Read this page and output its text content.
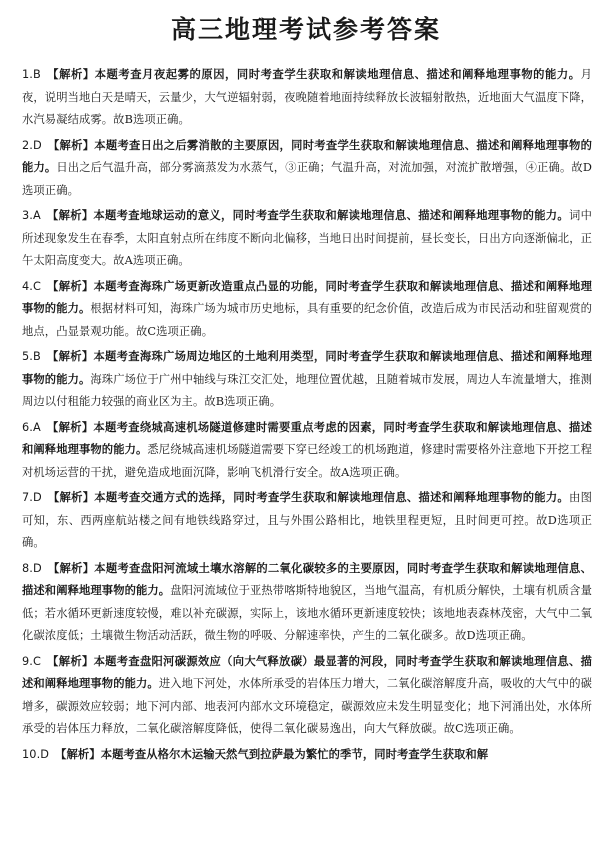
高三地理考试参考答案
1.B 【解析】本题考查月夜起雾的原因，同时考查学生获取和解读地理信息、描述和阐释地理事物的能力。月夜，说明当地白天是晴天，云量少，大气逆辐射弱，夜晚随着地面持续释放长波辐射散热，近地面大气温度下降，水汽易凝结成雾。故B选项正确。
2.D 【解析】本题考查日出之后雾消散的主要原因，同时考查学生获取和解读地理信息、描述和阐释地理事物的能力。日出之后气温升高，部分雾滴蒸发为水蒸气，③正确；气温升高，对流加强，对流扩散增强，④正确。故D选项正确。
3.A 【解析】本题考查地球运动的意义，同时考查学生获取和解读地理信息、描述和阐释地理事物的能力。词中所述现象发生在春季，太阳直射点所在纬度不断向北偏移，当地日出时间提前，昼长变长，日出方向逐渐偏北，正午太阳高度变大。故A选项正确。
4.C 【解析】本题考查海珠广场更新改造重点凸显的功能，同时考查学生获取和解读地理信息、描述和阐释地理事物的能力。根据材料可知，海珠广场为城市历史地标，具有重要的纪念价值，改造后成为市民活动和驻留观赏的地点，凸显景观功能。故C选项正确。
5.B 【解析】本题考查海珠广场周边地区的土地利用类型，同时考查学生获取和解读地理信息、描述和阐释地理事物的能力。海珠广场位于广州中轴线与珠江交汇处，地理位置优越，且随着城市发展，周边人车流量增大，推测周边以付租能力较强的商业区为主。故B选项正确。
6.A 【解析】本题考查绕城高速机场隧道修建时需要重点考虑的因素，同时考查学生获取和解读地理信息、描述和阐释地理事物的能力。悉尼绕城高速机场隧道需要下穿已经竣工的机场跑道，修建时需要格外注意地下开挖工程对机场运营的干扰，避免造成地面沉降，影响飞机滑行安全。故A选项正确。
7.D 【解析】本题考查交通方式的选择，同时考查学生获取和解读地理信息、描述和阐释地理事物的能力。由图可知，东、西两座航站楼之间有地铁线路穿过，且与外围公路相比，地铁里程更短，且时间更可控。故D选项正确。
8.D 【解析】本题考查盘阳河流域土壤水溶解的二氧化碳较多的主要原因，同时考查学生获取和解读地理信息、描述和阐释地理事物的能力。盘阳河流域位于亚热带喀斯特地貌区，当地气温高，有机质分解快，土壤有机质含量低；若水循环更新速度较慢，难以补充碳源，实际上，该地水循环更新速度较快；该地地表森林茂密，大气中二氧化碳浓度低；土壤微生物活动活跃，微生物的呼吸、分解速率快，产生的二氧化碳多。故D选项正确。
9.C 【解析】本题考查盘阳河碳源效应（向大气释放碳）最显著的河段，同时考查学生获取和解读地理信息、描述和阐释地理事物的能力。进入地下河处，水体所承受的岩体压力增大，二氧化碳溶解度升高，吸收的大气中的碳增多，碳源效应较弱；地下河内部、地表河内部水文环境稳定，碳源效应未发生明显变化；地下河涌出处，水体所承受的岩体压力释放，二氧化碳溶解度降低，使得二氧化碳易逸出，向大气释放碳。故C选项正确。
10.D 【解析】本题考查从格尔木运输天然气到拉萨最为繁忙的季节，同时考查学生获取和解
